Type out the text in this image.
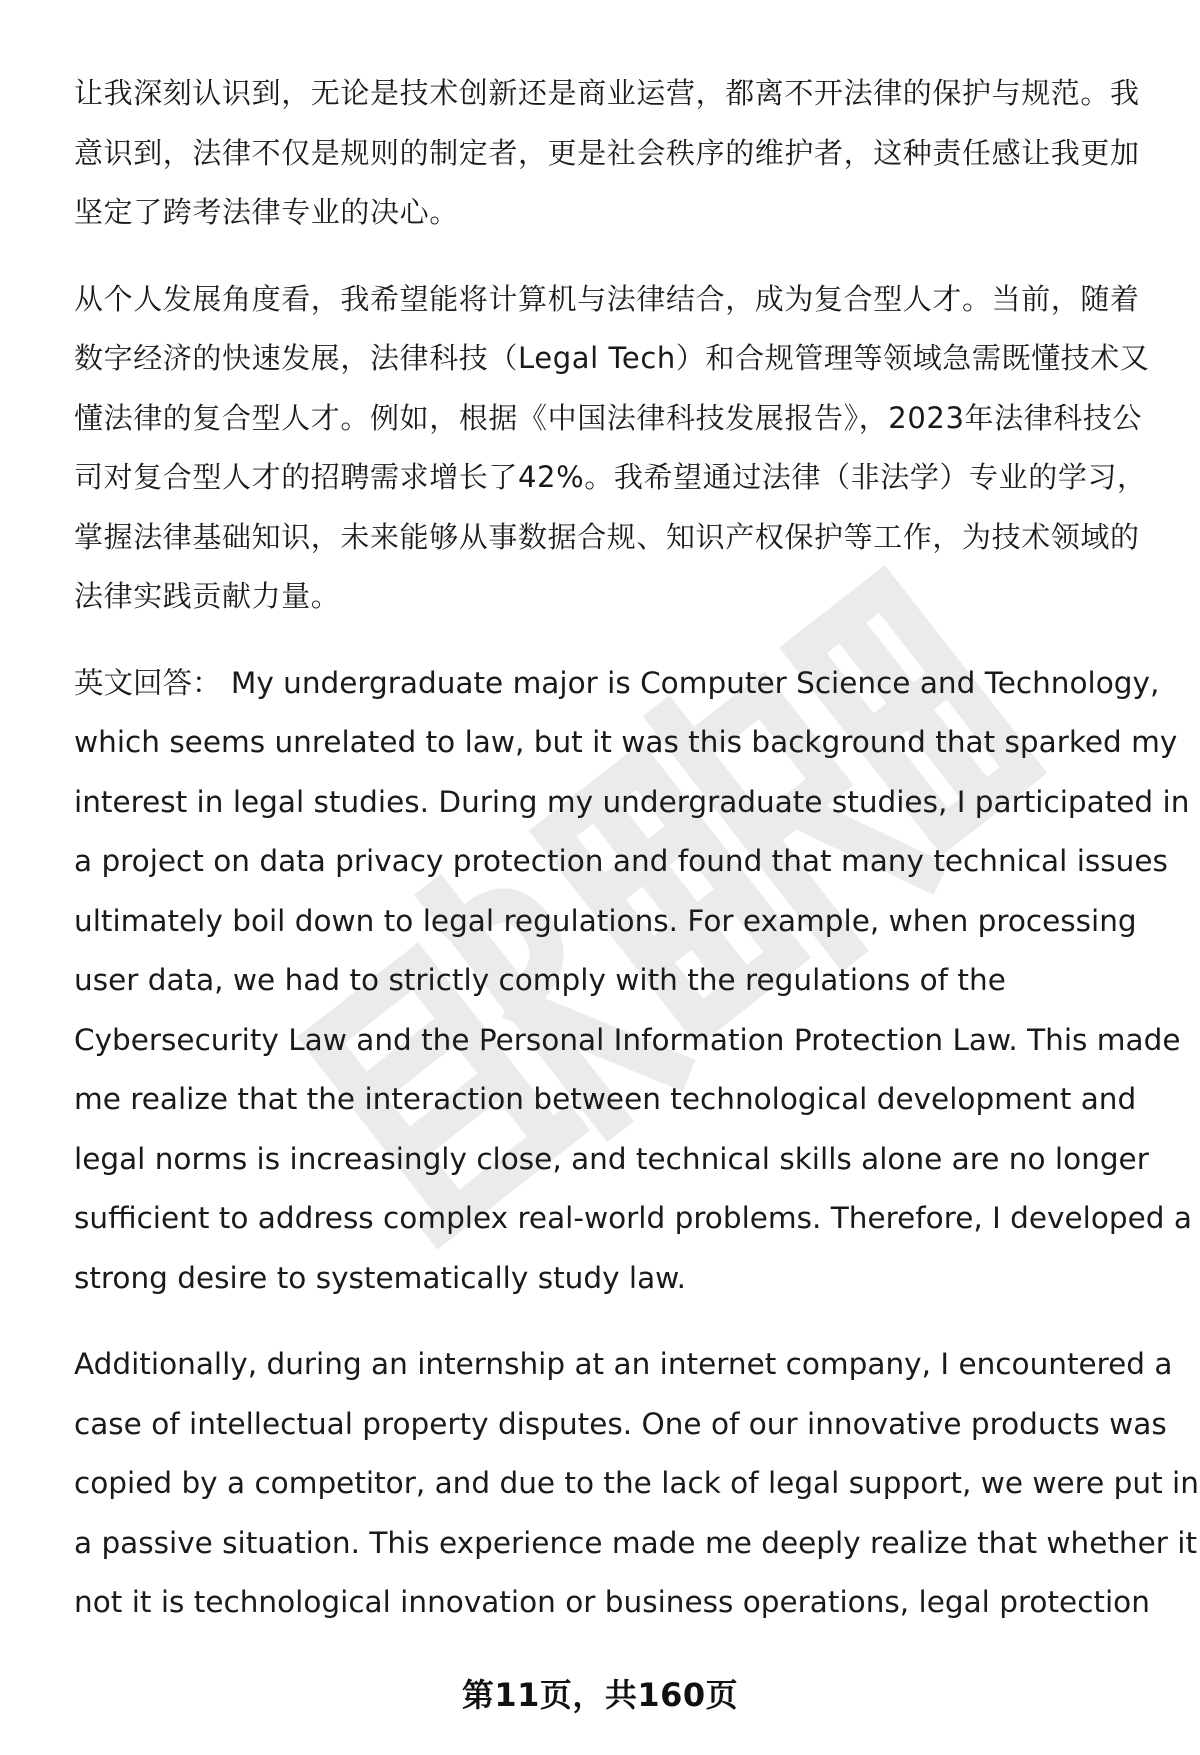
让我深刻认识到，无论是技术创新还是商业运营，都离不开法律的保护与规范。我
意识到，法律不仅是规则的制定者，更是社会秩序的维护者，这种责任感让我更加
坚定了跨考法律专业的决心。
从个人发展角度看，我希望能将计算机与法律结合，成为复合型人才。当前，随着
数字经济的快速发展，法律科技（Legal Tech）和合规管理等领域急需既懂技术又
懂法律的复合型人才。例如，根据《中国法律科技发展报告》，2023年法律科技公
司对复合型人才的招聘需求增长了42%。我希望通过法律（非法学）专业的学习，
掌握法律基础知识，未来能够从事数据合规、知识产权保护等工作，为技术领域的
法律实践贡献力量。
英文回答： My undergraduate major is Computer Science and Technology,
which seems unrelated to law, but it was this background that sparked my
interest in legal studies. During my undergraduate studies, I participated in
a project on data privacy protection and found that many technical issues
ultimately boil down to legal regulations. For example, when processing
user data, we had to strictly comply with the regulations of the
Cybersecurity Law and the Personal Information Protection Law. This made
me realize that the interaction between technological development and
legal norms is increasingly close, and technical skills alone are no longer
sufficient to address complex real-world problems. Therefore, I developed a
strong desire to systematically study law.
Additionally, during an internship at an internet company, I encountered a
case of intellectual property disputes. One of our innovative products was
copied by a competitor, and due to the lack of legal support, we were put in
a passive situation. This experience made me deeply realize that whether it
not it is technological innovation or business operations, legal protection
第11页，共160页
